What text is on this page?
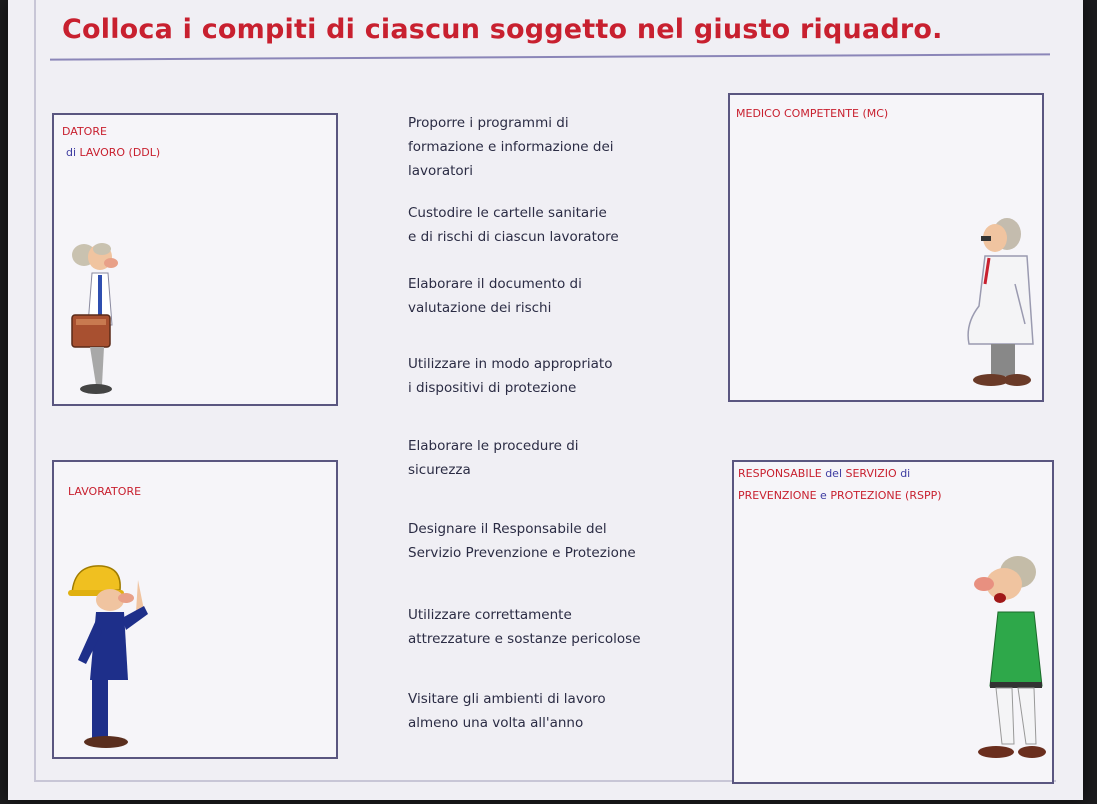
Colloca i compiti di ciascun soggetto nel giusto riquadro.
DATORE
di LAVORO (DDL)
MEDICO COMPETENTE (MC)
LAVORATORE
RESPONSABILE del SERVIZIO di
PREVENZIONE e PROTEZIONE (RSPP)
Proporre i programmi di
formazione e informazione dei
lavoratori
Custodire le cartelle sanitarie
e di rischi di ciascun lavoratore
Elaborare il documento di
valutazione dei rischi
Utilizzare in modo appropriato
i dispositivi di protezione
Elaborare le procedure di
sicurezza
Designare il Responsabile del
Servizio Prevenzione e Protezione
Utilizzare correttamente
attrezzature e sostanze pericolose
Visitare gli ambienti di lavoro
almeno una volta all'anno
